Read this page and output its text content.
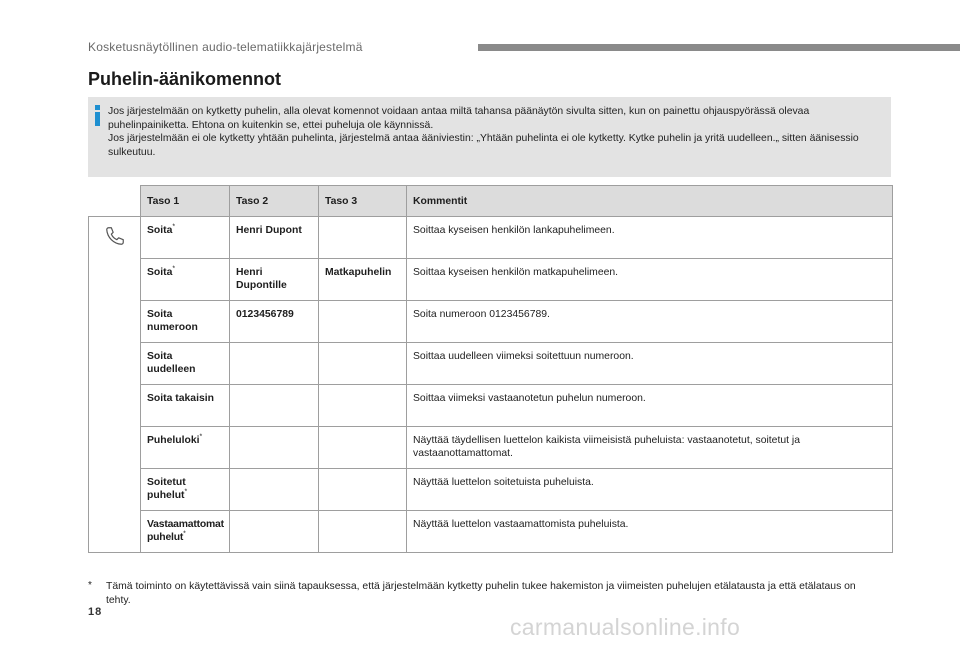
Kosketusnäytöllinen audio-telematiikkajärjestelmä
Puhelin-äänikomennot

Jos järjestelmään on kytketty puhelin, alla olevat komennot voidaan antaa miltä tahansa päänäytön sivulta sitten, kun on painettu ohjauspyörässä olevaa puhelinpainiketta. Ehtona on kuitenkin se, ettei puheluja ole käynnissä.

Jos järjestelmään ei ole kytketty yhtään puhelinta, järjestelmä antaa ääniviestin: „Yhtään puhelinta ei ole kytketty. Kytke puhelin ja yritä uudelleen.„ sitten äänisessio sulkeutuu.

	Taso 1	Taso 2	Taso 3	Kommentit
	Soita*	Henri Dupont		Soittaa kyseisen henkilön lankapuhelimeen.
	Soita*	Henri Dupontille	Matkapuhelin	Soittaa kyseisen henkilön matkapuhelimeen.
	Soita numeroon	0123456789		Soita numeroon 0123456789.
	Soita uudelleen			Soittaa uudelleen viimeksi soitettuun numeroon.
	Soita takaisin			Soittaa viimeksi vastaanotetun puhelun numeroon.
	Puheluloki*			Näyttää täydellisen luettelon kaikista viimeisistä puheluista: vastaanotetut, soitetut ja vastaanottamattomat.
	Soitetut puhelut*			Näyttää luettelon soitetuista puheluista.
	Vastaamattomat puhelut*			Näyttää luettelon vastaamattomista puheluista.
* Tämä toiminto on käytettävissä vain siinä tapauksessa, että järjestelmään kytketty puhelin tukee hakemiston ja viimeisten puhelujen etälatausta ja että etälataus on tehty.
18
carmanualsonline.info
